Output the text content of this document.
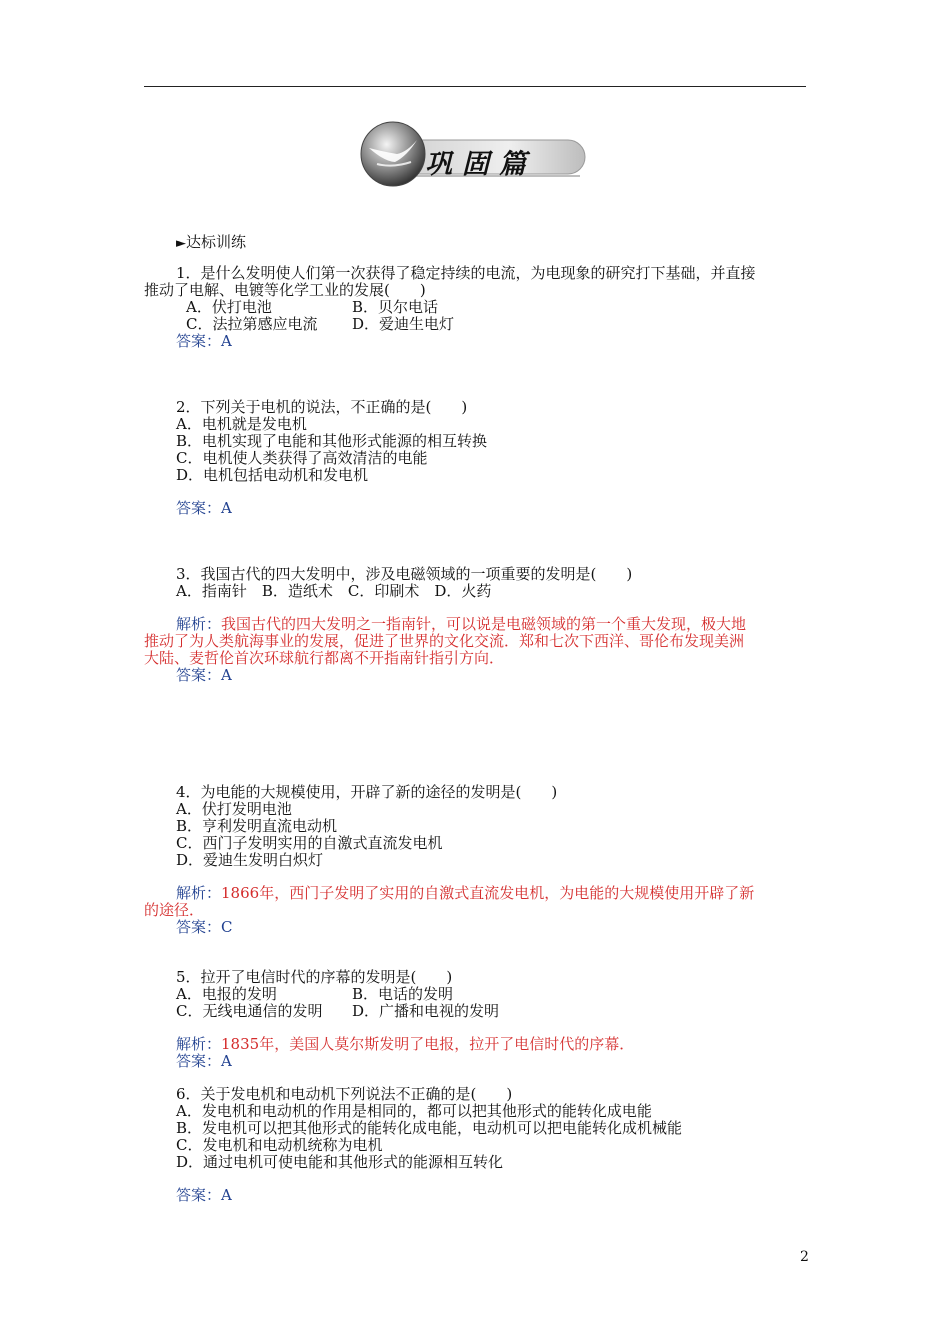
巩固篇
►达标训练
1．是什么发明使人们第一次获得了稳定持续的电流，为电现象的研究打下基础，并直接
推动了电解、电镀等化学工业的发展(　　)
A．伏打电池	B．贝尔电话
C．法拉第感应电流	D．爱迪生电灯
答案：A
2．下列关于电机的说法，不正确的是(　　)
A．电机就是发电机
B．电机实现了电能和其他形式能源的相互转换
C．电机使人类获得了高效清洁的电能
D．电机包括电动机和发电机
答案：A
3．我国古代的四大发明中，涉及电磁领域的一项重要的发明是(　　)
A．指南针　B．造纸术　C．印刷术　D．火药
解析：我国古代的四大发明之一指南针，可以说是电磁领域的第一个重大发现，极大地
推动了为人类航海事业的发展，促进了世界的文化交流．郑和七次下西洋、哥伦布发现美洲
大陆、麦哲伦首次环球航行都离不开指南针指引方向．
答案：A
4．为电能的大规模使用，开辟了新的途径的发明是(　　)
A．伏打发明电池
B．亨利发明直流电动机
C．西门子发明实用的自激式直流发电机
D．爱迪生发明白炽灯
解析：1866年，西门子发明了实用的自激式直流发电机，为电能的大规模使用开辟了新
的途径．
答案：C
5．拉开了电信时代的序幕的发明是(　　)
A．电报的发明	B．电话的发明
C．无线电通信的发明	D．广播和电视的发明
解析：1835年，美国人莫尔斯发明了电报，拉开了电信时代的序幕．
答案：A
6．关于发电机和电动机下列说法不正确的是(　　)
A．发电机和电动机的作用是相同的，都可以把其他形式的能转化成电能
B．发电机可以把其他形式的能转化成电能，电动机可以把电能转化成机械能
C．发电机和电动机统称为电机
D．通过电机可使电能和其他形式的能源相互转化
答案：A
2
